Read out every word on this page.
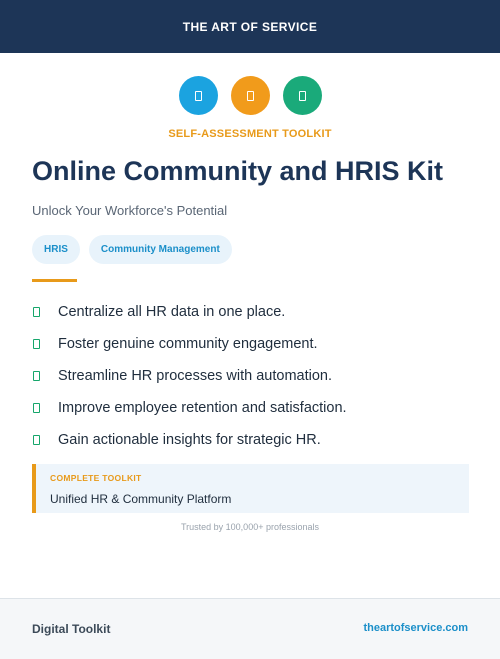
THE ART OF SERVICE
SELF-ASSESSMENT TOOLKIT
Online Community and HRIS Kit
Unlock Your Workforce's Potential
HRIS	Community Management
Centralize all HR data in one place.
Foster genuine community engagement.
Streamline HR processes with automation.
Improve employee retention and satisfaction.
Gain actionable insights for strategic HR.
COMPLETE TOOLKIT
Unified HR & Community Platform
Trusted by 100,000+ professionals
Digital Toolkit	theartofservice.com
